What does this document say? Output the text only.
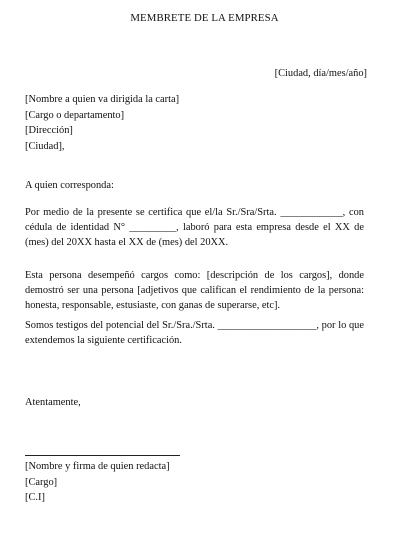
MEMBRETE DE LA EMPRESA
[Ciudad, día/mes/año]
[Nombre a quien va dirigida la carta]
[Cargo o departamento]
[Dirección]
[Ciudad],
A quien corresponda:
Por medio de la presente se certifica que el/la Sr./Sra/Srta. ____________, con cédula de identidad N° _________, laboró para esta empresa desde el XX de (mes) del 20XX hasta el XX de (mes) del 20XX.
Esta persona desempeñó cargos como: [descripción de los cargos], donde demostró ser una persona [adjetivos que califican el rendimiento de la persona: honesta, responsable, estusiaste, con ganas de superarse, etc].
Somos testigos del potencial del Sr./Sra./Srta. ___________________, por lo que extendemos la siguiente certificación.
Atentamente,
[Nombre y firma de quien redacta]
[Cargo]
[C.I]
